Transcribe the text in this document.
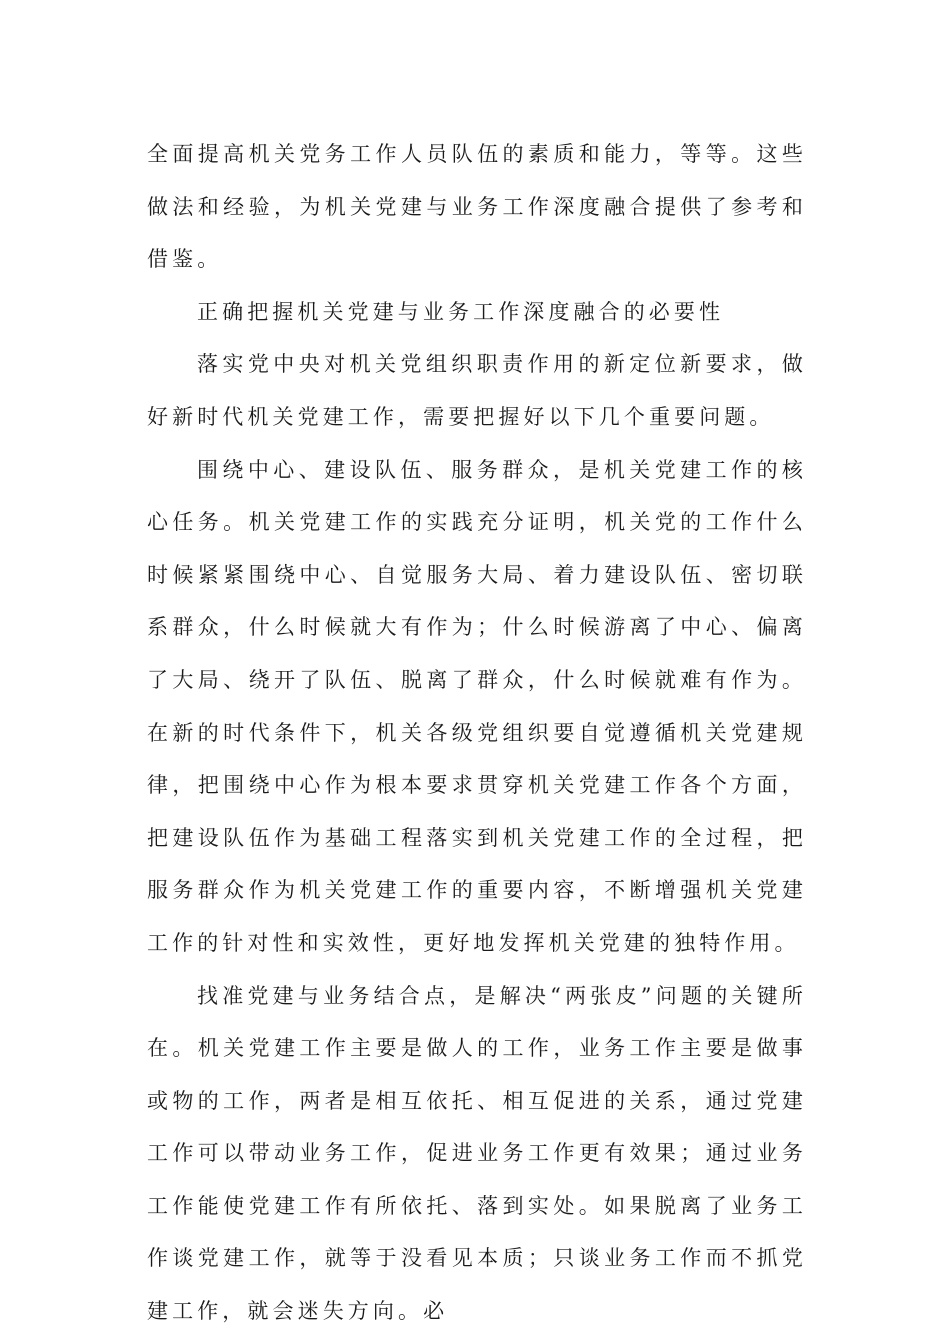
全面提高机关党务工作人员队伍的素质和能力，等等。这些做法和经验，为机关党建与业务工作深度融合提供了参考和借鉴。

正确把握机关党建与业务工作深度融合的必要性

落实党中央对机关党组织职责作用的新定位新要求，做好新时代机关党建工作，需要把握好以下几个重要问题。

围绕中心、建设队伍、服务群众，是机关党建工作的核心任务。机关党建工作的实践充分证明，机关党的工作什么时候紧紧围绕中心、自觉服务大局、着力建设队伍、密切联系群众，什么时候就大有作为；什么时候游离了中心、偏离了大局、绕开了队伍、脱离了群众，什么时候就难有作为。在新的时代条件下，机关各级党组织要自觉遵循机关党建规律，把围绕中心作为根本要求贯穿机关党建工作各个方面，把建设队伍作为基础工程落实到机关党建工作的全过程，把服务群众作为机关党建工作的重要内容，不断增强机关党建工作的针对性和实效性，更好地发挥机关党建的独特作用。

找准党建与业务结合点，是解决“两张皮”问题的关键所在。机关党建工作主要是做人的工作，业务工作主要是做事或物的工作，两者是相互依托、相互促进的关系，通过党建工作可以带动业务工作，促进业务工作更有效果；通过业务工作能使党建工作有所依托、落到实处。如果脱离了业务工作谈党建工作，就等于没看见本质；只谈业务工作而不抓党建工作，就会迷失方向。必
